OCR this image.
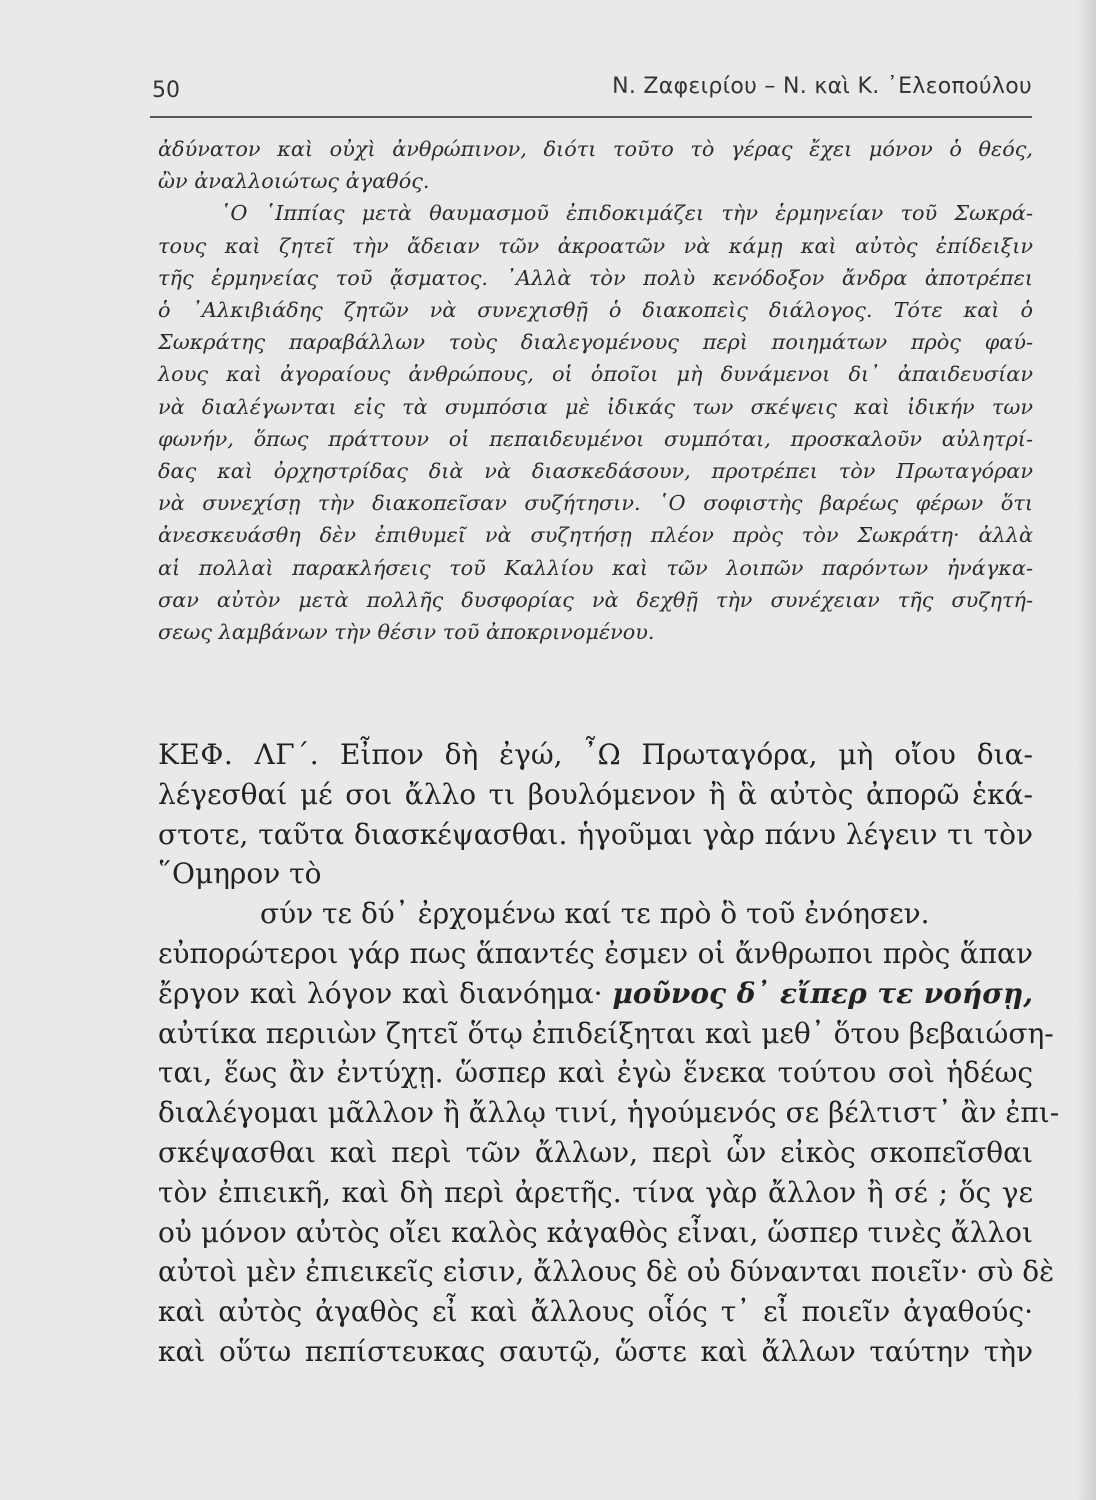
50	Ν. Ζαφειρίου – Ν. καὶ Κ. ᾿Ελεοπούλου
ἀδύνατον καὶ οὐχὶ ἀνθρώπινον, διότι τοῦτο τὸ γέρας ἔχει μόνον ὁ θεός,
ὢν ἀναλλοιώτως ἀγαθός.
῾Ο ῾Ιππίας μετὰ θαυμασμοῦ ἐπιδοκιμάζει τὴν ἑρμηνείαν τοῦ Σωκρά-
τους καὶ ζητεῖ τὴν ἄδειαν τῶν ἀκροατῶν νὰ κάμῃ καὶ αὐτὸς ἐπίδειξιν
τῆς ἑρμηνείας τοῦ ᾄσματος. ᾿Αλλὰ τὸν πολὺ κενόδοξον ἄνδρα ἀποτρέπει
ὁ ᾿Αλκιβιάδης ζητῶν νὰ συνεχισθῇ ὁ διακοπεὶς διάλογος. Τότε καὶ ὁ
Σωκράτης παραβάλλων τοὺς διαλεγομένους περὶ ποιημάτων πρὸς φαύ-
λους καὶ ἀγοραίους ἀνθρώπους, οἱ ὁποῖοι μὴ δυνάμενοι δι᾿ ἀπαιδευσίαν
νὰ διαλέγωνται εἰς τὰ συμπόσια μὲ ἰδικάς των σκέψεις καὶ ἰδικήν των
φωνήν, ὅπως πράττουν οἱ πεπαιδευμένοι συμπόται, προσκαλοῦν αὐλητρί-
δας καὶ ὀρχηστρίδας διὰ νὰ διασκεδάσουν, προτρέπει τὸν Πρωταγόραν
νὰ συνεχίσῃ τὴν διακοπεῖσαν συζήτησιν. ῾Ο σοφιστὴς βαρέως φέρων ὅτι
ἀνεσκευάσθη δὲν ἐπιθυμεῖ νὰ συζητήσῃ πλέον πρὸς τὸν Σωκράτη· ἀλλὰ
αἱ πολλαὶ παρακλήσεις τοῦ Καλλίου καὶ τῶν λοιπῶν παρόντων ἠνάγκα-
σαν αὐτὸν μετὰ πολλῆς δυσφορίας νὰ δεχθῇ τὴν συνέχειαν τῆς συζητή-
σεως λαμβάνων τὴν θέσιν τοῦ ἀποκρινομένου.
ΚΕΦ. ΛΓ΄. Εἶπον δὴ ἐγώ, ῏Ω Πρωταγόρα, μὴ οἴου δια-
λέγεσθαί μέ σοι ἄλλο τι βουλόμενον ἢ ἃ αὐτὸς ἀπορῶ ἑκά-
στοτε, ταῦτα διασκέψασθαι. ἡγοῦμαι γὰρ πάνυ λέγειν τι τὸν
῞Ομηρον τὸ
σύν τε δύ᾿ ἐρχομένω καί τε πρὸ ὃ τοῦ ἐνόησεν.
εὐπορώτεροι γάρ πως ἅπαντές ἐσμεν οἱ ἄνθρωποι πρὸς ἅπαν
ἔργον καὶ λόγον καὶ διανόημα· μοῦνος δ᾿ εἴπερ τε νοήσῃ,
αὐτίκα περιιὼν ζητεῖ ὅτῳ ἐπιδείξηται καὶ μεθ᾿ ὅτου βεβαιώση-
ται, ἕως ἂν ἐντύχῃ. ὥσπερ καὶ ἐγὼ ἕνεκα τούτου σοὶ ἡδέως
διαλέγομαι μᾶλλον ἢ ἄλλῳ τινί, ἡγούμενός σε βέλτιστ᾿ ἂν ἐπι-
σκέψασθαι καὶ περὶ τῶν ἄλλων, περὶ ὧν εἰκὸς σκοπεῖσθαι
τὸν ἐπιεικῆ, καὶ δὴ περὶ ἀρετῆς. τίνα γὰρ ἄλλον ἢ σέ ; ὅς γε
οὐ μόνον αὐτὸς οἴει καλὸς κἀγαθὸς εἶναι, ὥσπερ τινὲς ἄλλοι
αὐτοὶ μὲν ἐπιεικεῖς εἰσιν, ἄλλους δὲ οὐ δύνανται ποιεῖν· σὺ δὲ
καὶ αὐτὸς ἀγαθὸς εἶ καὶ ἄλλους οἷός τ᾿ εἶ ποιεῖν ἀγαθούς·
καὶ οὕτω πεπίστευκας σαυτῷ, ὥστε καὶ ἄλλων ταύτην τὴν
